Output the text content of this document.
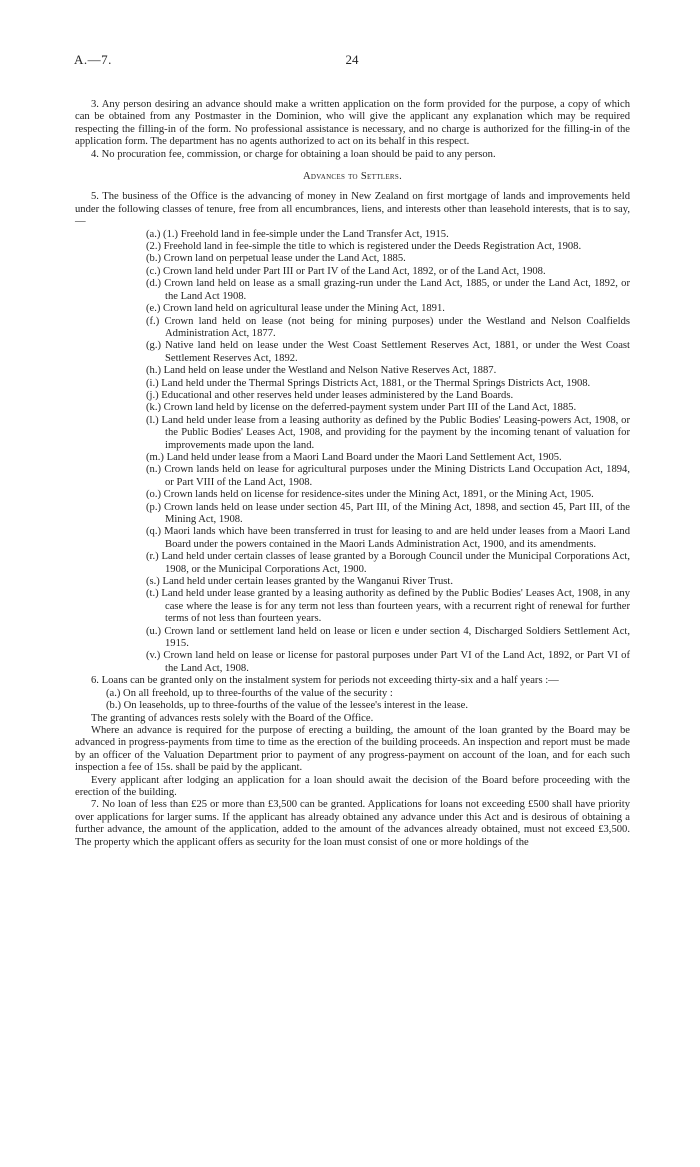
A.—7.	24

3. Any person desiring an advance should make a written application on the form provided for the purpose, a copy of which can be obtained from any Postmaster in the Dominion, who will give the applicant any explanation which may be required respecting the filling-in of the form. No professional assistance is necessary, and no charge is authorized for the filling-in of the application form. The department has no agents authorized to act on its behalf in this respect.

4. No procuration fee, commission, or charge for obtaining a loan should be paid to any person.

Advances to Settlers.

5. The business of the Office is the advancing of money in New Zealand on first mortgage of lands and improvements held under the following classes of tenure, free from all encumbrances, liens, and interests other than leasehold interests, that is to say,—

(a.) (1.) Freehold land in fee-simple under the Land Transfer Act, 1915.

(2.) Freehold land in fee-simple the title to which is registered under the Deeds Registration Act, 1908.

(b.) Crown land on perpetual lease under the Land Act, 1885.

(c.) Crown land held under Part III or Part IV of the Land Act, 1892, or of the Land Act, 1908.

(d.) Crown land held on lease as a small grazing-run under the Land Act, 1885, or under the Land Act, 1892, or the Land Act 1908.

(e.) Crown land held on agricultural lease under the Mining Act, 1891.

(f.) Crown land held on lease (not being for mining purposes) under the Westland and Nelson Coalfields Administration Act, 1877.

(g.) Native land held on lease under the West Coast Settlement Reserves Act, 1881, or under the West Coast Settlement Reserves Act, 1892.

(h.) Land held on lease under the Westland and Nelson Native Reserves Act, 1887.

(i.) Land held under the Thermal Springs Districts Act, 1881, or the Thermal Springs Districts Act, 1908.

(j.) Educational and other reserves held under leases administered by the Land Boards.

(k.) Crown land held by license on the deferred-payment system under Part III of the Land Act, 1885.

(l.) Land held under lease from a leasing authority as defined by the Public Bodies' Leasing-powers Act, 1908, or the Public Bodies' Leases Act, 1908, and providing for the payment by the incoming tenant of valuation for improvements made upon the land.

(m.) Land held under lease from a Maori Land Board under the Maori Land Settlement Act, 1905.

(n.) Crown lands held on lease for agricultural purposes under the Mining Districts Land Occupation Act, 1894, or Part VIII of the Land Act, 1908.

(o.) Crown lands held on license for residence-sites under the Mining Act, 1891, or the Mining Act, 1905.

(p.) Crown lands held on lease under section 45, Part III, of the Mining Act, 1898, and section 45, Part III, of the Mining Act, 1908.

(q.) Maori lands which have been transferred in trust for leasing to and are held under leases from a Maori Land Board under the powers contained in the Maori Lands Administration Act, 1900, and its amendments.

(r.) Land held under certain classes of lease granted by a Borough Council under the Municipal Corporations Act, 1908, or the Municipal Corporations Act, 1900.

(s.) Land held under certain leases granted by the Wanganui River Trust.

(t.) Land held under lease granted by a leasing authority as defined by the Public Bodies' Leases Act, 1908, in any case where the lease is for any term not less than fourteen years, with a recurrent right of renewal for further terms of not less than fourteen years.

(u.) Crown land or settlement land held on lease or licen e under section 4, Discharged Soldiers Settlement Act, 1915.

(v.) Crown land held on lease or license for pastoral purposes under Part VI of the Land Act, 1892, or Part VI of the Land Act, 1908.

6. Loans can be granted only on the instalment system for periods not exceeding thirty-six and a half years :—

(a.) On all freehold, up to three-fourths of the value of the security :

(b.) On leaseholds, up to three-fourths of the value of the lessee's interest in the lease.

The granting of advances rests solely with the Board of the Office.

Where an advance is required for the purpose of erecting a building, the amount of the loan granted by the Board may be advanced in progress-payments from time to time as the erection of the building proceeds. An inspection and report must be made by an officer of the Valuation Department prior to payment of any progress-payment on account of the loan, and for each such inspection a fee of 15s. shall be paid by the applicant.

Every applicant after lodging an application for a loan should await the decision of the Board before proceeding with the erection of the building.

7. No loan of less than £25 or more than £3,500 can be granted. Applications for loans not exceeding £500 shall have priority over applications for larger sums. If the applicant has already obtained any advance under this Act and is desirous of obtaining a further advance, the amount of the application, added to the amount of the advances already obtained, must not exceed £3,500. The property which the applicant offers as security for the loan must consist of one or more holdings of the
